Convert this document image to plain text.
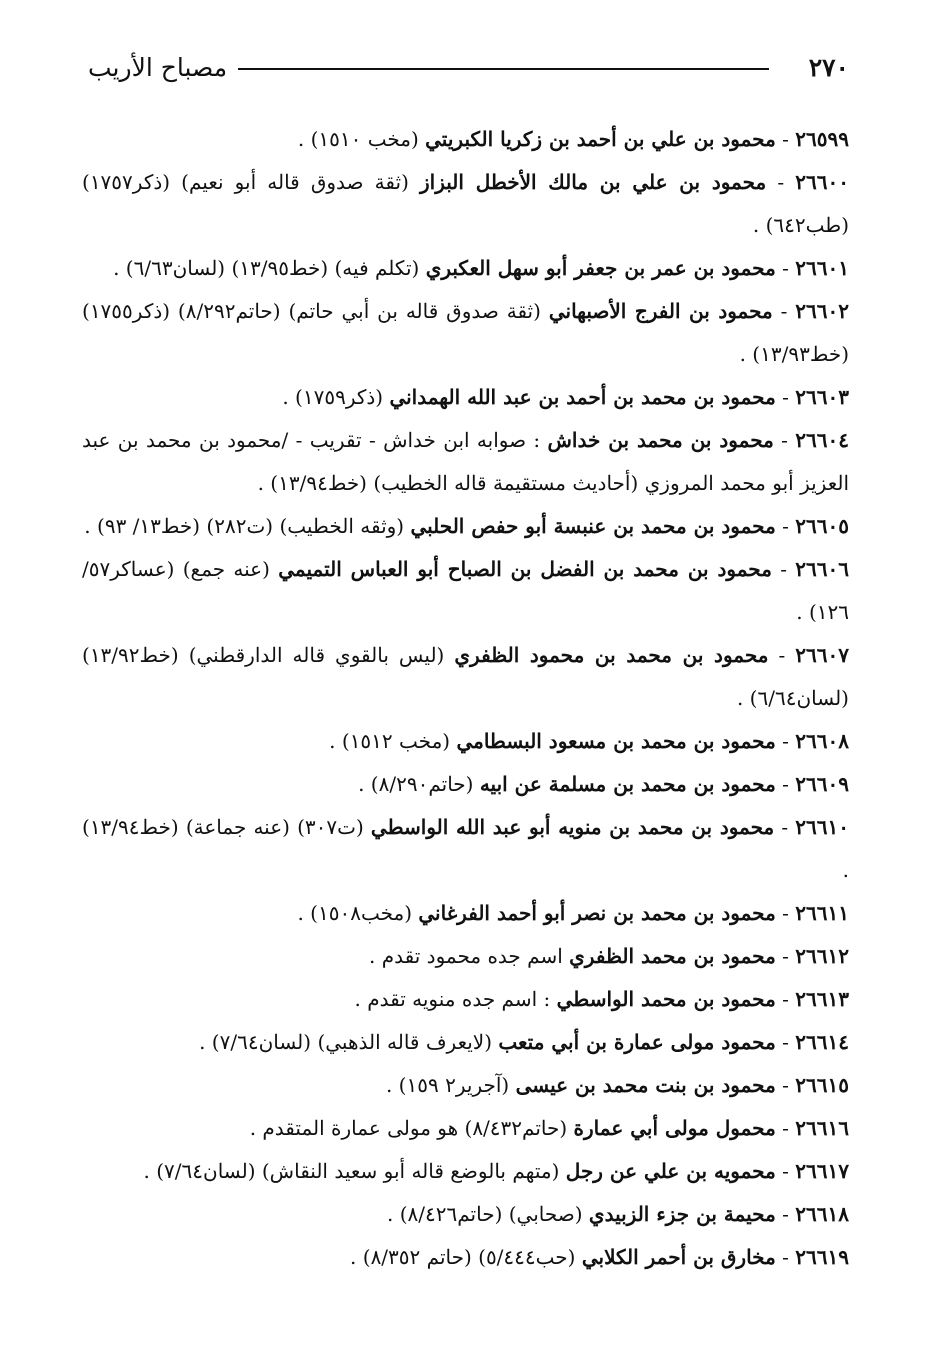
٢٧٠
مصباح الأريب
٢٦٥٩٩ - محمود بن علي بن أحمد بن زكريا الكبريتي (مخب ١٥١٠) .
٢٦٦٠٠ - محمود بن علي بن مالك الأخطل البزاز (ثقة صدوق قاله أبو نعيم) (ذكر١٧٥٧) (طب٦٤٢) .
٢٦٦٠١ - محمود بن عمر بن جعفر أبو سهل العكبري (تكلم فيه) (خط١٣/٩٥) (لسان٦/٦٣) .
٢٦٦٠٢ - محمود بن الفرج الأصبهاني (ثقة صدوق قاله بن أبي حاتم) (حاتم٨/٢٩٢) (ذكر١٧٥٥) (خط١٣/٩٣) .
٢٦٦٠٣ - محمود بن محمد بن أحمد بن عبد الله الهمداني (ذكر١٧٥٩) .
٢٦٦٠٤ - محمود بن محمد بن خداش : صوابه ابن خداش - تقريب - /محمود بن محمد بن عبد العزيز أبو محمد المروزي (أحاديث مستقيمة قاله الخطيب) (خط١٣/٩٤) .
٢٦٦٠٥ - محمود بن محمد بن عنبسة أبو حفص الحلبي (وثقه الخطيب) (ت٢٨٢) (خط١٣/ ٩٣) .
٢٦٦٠٦ - محمود بن محمد بن الفضل بن الصباح أبو العباس التميمي (عنه جمع) (عساكر٥٧/ ١٢٦) .
٢٦٦٠٧ - محمود بن محمد بن محمود الظفري (ليس بالقوي قاله الدارقطني) (خط١٣/٩٢) (لسان٦/٦٤) .
٢٦٦٠٨ - محمود بن محمد بن مسعود البسطامي (مخب ١٥١٢) .
٢٦٦٠٩ - محمود بن محمد بن مسلمة عن ابيه (حاتم٨/٢٩٠) .
٢٦٦١٠ - محمود بن محمد بن منويه أبو عبد الله الواسطي (ت٣٠٧) (عنه جماعة) (خط١٣/٩٤) .
٢٦٦١١ - محمود بن محمد بن نصر أبو أحمد الفرغاني (مخب١٥٠٨) .
٢٦٦١٢ - محمود بن محمد الظفري اسم جده محمود تقدم .
٢٦٦١٣ - محمود بن محمد الواسطي : اسم جده منويه تقدم .
٢٦٦١٤ - محمود مولى عمارة بن أبي متعب (لايعرف قاله الذهبي) (لسان٧/٦٤) .
٢٦٦١٥ - محمود بن بنت محمد بن عيسى (آجرير٢ ١٥٩) .
٢٦٦١٦ - محمول مولى أبي عمارة (حاتم٨/٤٣٢) هو مولى عمارة المتقدم .
٢٦٦١٧ - محمويه بن علي عن رجل (متهم بالوضع قاله أبو سعيد النقاش) (لسان٧/٦٤) .
٢٦٦١٨ - محيمة بن جزء الزبيدي (صحابي) (حاتم٨/٤٢٦) .
٢٦٦١٩ - مخارق بن أحمر الكلابي (حب٥/٤٤٤) (حاتم ٨/٣٥٢) .
